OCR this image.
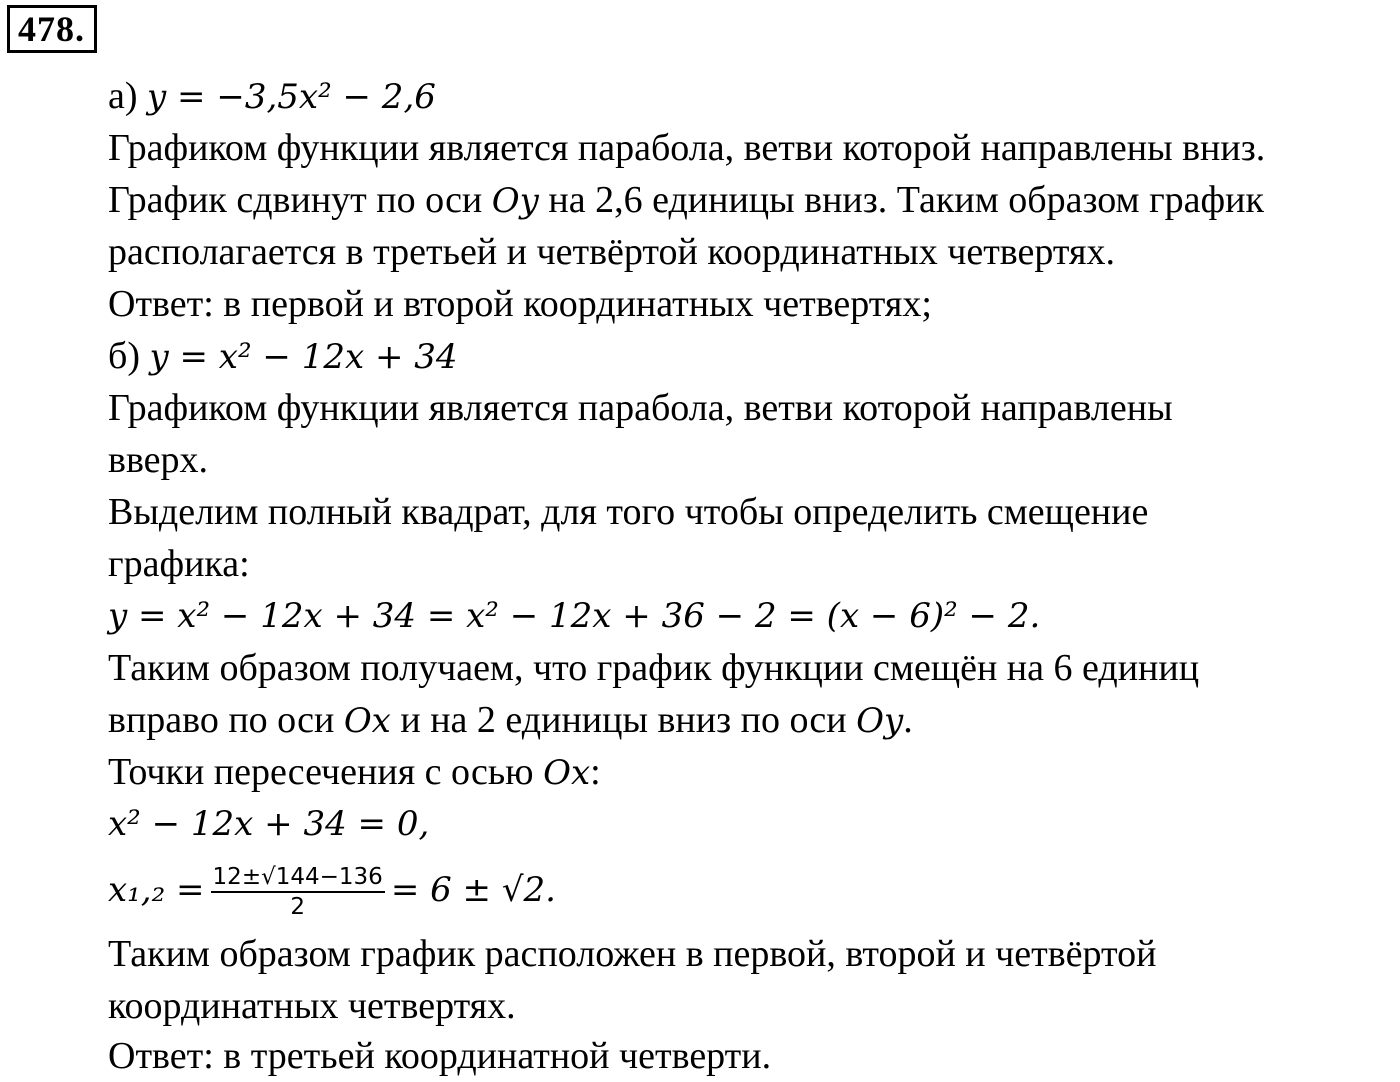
478.
а) y = −3,5x² − 2,6
Графиком функции является парабола, ветви которой направлены вниз.
График сдвинут по оси Oy на 2,6 единицы вниз. Таким образом график
располагается в третьей и четвёртой координатных четвертях.
Ответ: в первой и второй координатных четвертях;
б) y = x² − 12x + 34
Графиком функции является парабола, ветви которой направлены
вверх.
Выделим полный квадрат, для того чтобы определить смещение
графика:
y = x² − 12x + 34 = x² − 12x + 36 − 2 = (x − 6)² − 2.
Таким образом получаем, что график функции смещён на 6 единиц
вправо по оси Ox и на 2 единицы вниз по оси Oy.
Точки пересечения с осью Ox:
x² − 12x + 34 = 0,
$x_1,_2 = \frac{12\pm√144-136}{2} = 6 \pm √2$.
Таким образом график расположен в первой, второй и четвёртой
координатных четвертях.
Ответ: в третьей координатной четверти.
